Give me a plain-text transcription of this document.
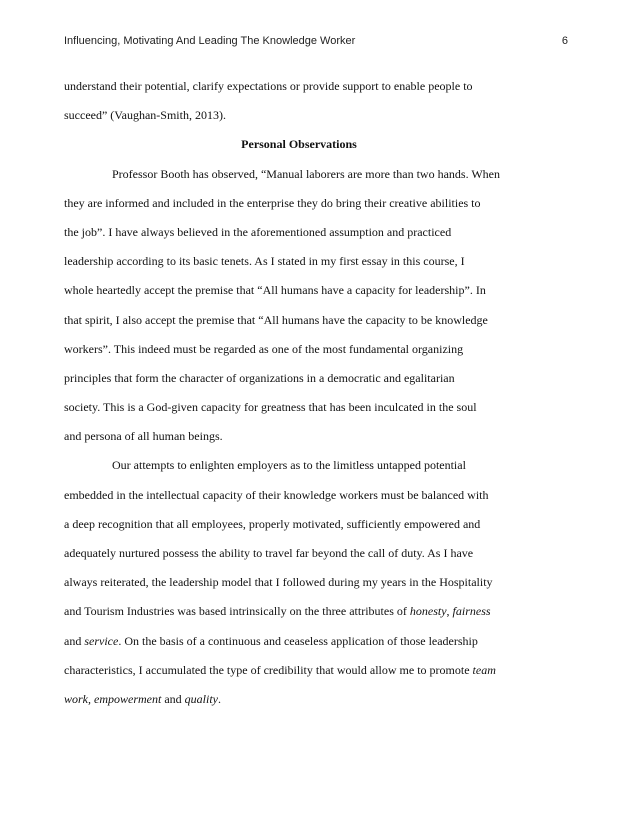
Influencing, Motivating And Leading The Knowledge Worker	6
understand their potential, clarify expectations or provide support to enable people to
succeed” (Vaughan-Smith, 2013).
Personal Observations
Professor Booth has observed, “Manual laborers are more than two hands. When
they are informed and included in the enterprise they do bring their creative abilities to
the job”. I have always believed in the aforementioned assumption and practiced
leadership according to its basic tenets. As I stated in my first essay in this course, I
whole heartedly accept the premise that “All humans have a capacity for leadership”. In
that spirit, I also accept the premise that “All humans have the capacity to be knowledge
workers”. This indeed must be regarded as one of the most fundamental organizing
principles that form the character of organizations in a democratic and egalitarian
society. This is a God-given capacity for greatness that has been inculcated in the soul
and persona of all human beings.
Our attempts to enlighten employers as to the limitless untapped potential
embedded in the intellectual capacity of their knowledge workers must be balanced with
a deep recognition that all employees, properly motivated, sufficiently empowered and
adequately nurtured possess the ability to travel far beyond the call of duty. As I have
always reiterated, the leadership model that I followed during my years in the Hospitality
and Tourism Industries was based intrinsically on the three attributes of honesty, fairness
and service. On the basis of a continuous and ceaseless application of those leadership
characteristics, I accumulated the type of credibility that would allow me to promote team
work, empowerment and quality.
